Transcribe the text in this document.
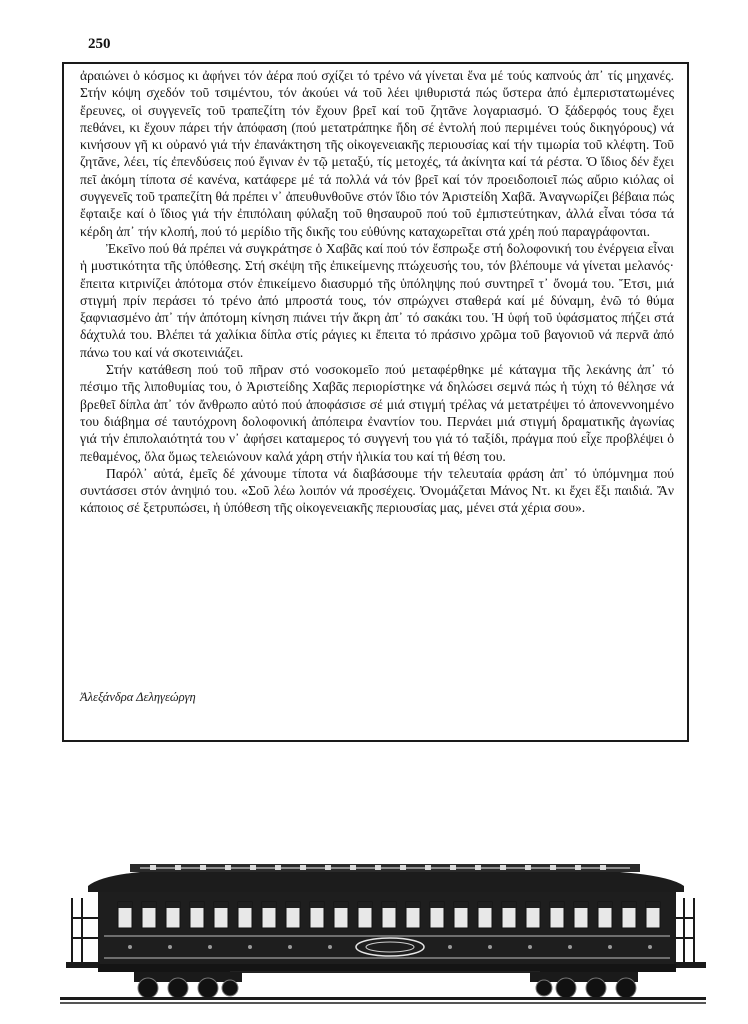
250

ἀραιώνει ὁ κόσμος κι ἀφήνει τόν ἀέρα πού σχίζει τό τρένο νά γίνεται ἕνα μέ τούς καπνούς ἀπ᾿ τίς μηχανές. Στήν κόψη σχεδόν τοῦ τσιμέντου, τόν ἀκούει νά τοῦ λέει ψιθυριστά πώς ὕστερα ἀπό ἐμπεριστατωμένες ἔρευνες, οἱ συγγενεῖς τοῦ τραπεζίτη τόν ἔχουν βρεῖ καί τοῦ ζητᾶνε λογαριασμό. Ὁ ξάδερφός τους ἔχει πεθάνει, κι ἔχουν πάρει τήν ἀπόφαση (πού μετατράπηκε ἤδη σέ ἐντολή πού περιμένει τούς δικηγόρους) νά κινήσουν γῆ κι οὐρανό γιά τήν ἐπανάκτηση τῆς οἰκογενειακῆς περιουσίας καί τήν τιμωρία τοῦ κλέφτη. Τοῦ ζητᾶνε, λέει, τίς ἐπενδύσεις πού ἔγιναν ἐν τῷ μεταξύ, τίς μετοχές, τά ἀκίνητα καί τά ρέστα. Ὁ ἴδιος δέν ἔχει πεῖ ἀκόμη τίποτα σέ κανένα, κατάφερε μέ τά πολλά νά τόν βρεῖ καί τόν προειδοποιεῖ πώς αὔριο κιόλας οἱ συγγενεῖς τοῦ τραπεζίτη θά πρέπει ν᾿ ἀπευθυνθοῦνε στόν ἴδιο τόν Ἀριστείδη Χαβᾶ. Ἀναγνωρίζει βέβαια πώς ἔφταιξε καί ὁ ἴδιος γιά τήν ἐπιπόλαιη φύλαξη τοῦ θησαυροῦ πού τοῦ ἐμπιστεύτηκαν, ἀλλά εἶναι τόσα τά κέρδη ἀπ᾿ τήν κλοπή, πού τό μερίδιο τῆς δικῆς του εὐθύνης καταχωρεῖται στά χρέη πού παραγράφονται.

Ἐκεῖνο πού θά πρέπει νά συγκράτησε ὁ Χαβᾶς καί πού τόν ἔσπρωξε στή δολοφονική του ἐνέργεια εἶναι ἡ μυστικότητα τῆς ὑπόθεσης. Στή σκέψη τῆς ἐπικείμενης πτώχευσής του, τόν βλέπουμε νά γίνεται μελανός· ἔπειτα κιτρινίζει ἀπότομα στόν ἐπικείμενο διασυρμό τῆς ὑπόληψης πού συντηρεῖ τ᾿ ὄνομά του. Ἔτσι, μιά στιγμή πρίν περάσει τό τρένο ἀπό μπροστά τους, τόν σπρώχνει σταθερά καί μέ δύναμη, ἐνῶ τό θύμα ξαφνιασμένο ἀπ᾿ τήν ἀπότομη κίνηση πιάνει τήν ἄκρη ἀπ᾿ τό σακάκι του. Ἡ ὑφή τοῦ ὑφάσματος πήζει στά δάχτυλά του. Βλέπει τά χαλίκια δίπλα στίς ράγιες κι ἔπειτα τό πράσινο χρῶμα τοῦ βαγονιοῦ νά περνᾶ ἀπό πάνω του καί νά σκοτεινιάζει.

Στήν κατάθεση πού τοῦ πῆραν στό νοσοκομεῖο πού μεταφέρθηκε μέ κάταγμα τῆς λεκάνης ἀπ᾿ τό πέσιμο τῆς λιποθυμίας του, ὁ Ἀριστείδης Χαβᾶς περιορίστηκε νά δηλώσει σεμνά πώς ἡ τύχη τό θέλησε νά βρεθεῖ δίπλα ἀπ᾿ τόν ἄνθρωπο αὐτό πού ἀποφάσισε σέ μιά στιγμή τρέλας νά μετατρέψει τό ἀπονεννοημένο του διάβημα σέ ταυτόχρονη δολοφονική ἀπόπειρα ἐναντίον του. Περνάει μιά στιγμή δραματικῆς ἀγωνίας γιά τήν ἐπιπολαιότητά του ν᾿ ἀφήσει καταμερος τό συγγενή του γιά τό ταξίδι, πράγμα πού εἶχε προβλέψει ὁ πεθαμένος, ὅλα ὅμως τελειώνουν καλά χάρη στήν ἡλικία του καί τή θέση του.

Παρόλ᾿ αὐτά, ἐμεῖς δέ χάνουμε τίποτα νά διαβάσουμε τήν τελευταία φράση ἀπ᾿ τό ὑπόμνημα πού συντάσσει στόν ἀνηψιό του. «Σοῦ λέω λοιπόν νά προσέχεις. Ὀνομάζεται Μάνος Ντ. κι ἔχει ἕξι παιδιά. Ἄν κάποιος σέ ξετρυπώσει, ἡ ὑπόθεση τῆς οἰκογενειακῆς περιουσίας μας, μένει στά χέρια σου».

Ἀλεξάνδρα Δεληγεώργη
